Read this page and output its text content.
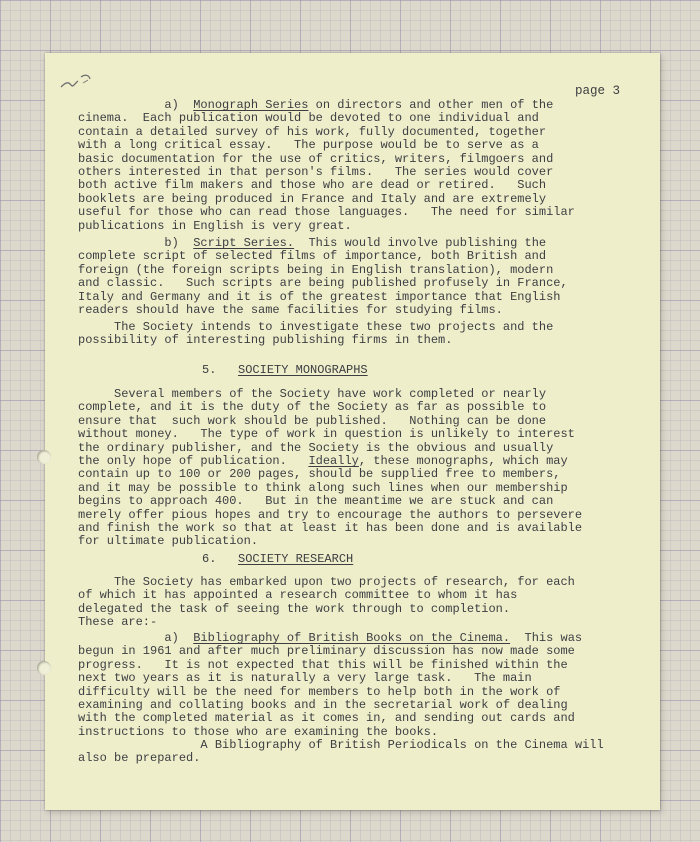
page 3

a) Monograph Series on directors and other men of the

cinema.  Each publication would be devoted to one individual and

contain a detailed survey of his work, fully documented, together

with a long critical essay.   The purpose would be to serve as a

basic documentation for the use of critics, writers, filmgoers and

others interested in that person's films.   The series would cover

both active film makers and those who are dead or retired.   Such

booklets are being produced in France and Italy and are extremely

useful for those who can read those languages.   The need for similar

publications in English is very great.

b) Script Series.  This would involve publishing the

complete script of selected films of importance, both British and

foreign (the foreign scripts being in English translation), modern

and classic.   Such scripts are being published profusely in France,

Italy and Germany and it is of the greatest importance that English

readers should have the same facilities for studying films.

The Society intends to investigate these two projects and the

possibility of interesting publishing firms in them.

5. SOCIETY MONOGRAPHS

Several members of the Society have work completed or nearly

complete, and it is the duty of the Society as far as possible to

ensure that  such work should be published.   Nothing can be done

without money.   The type of work in question is unlikely to interest

the ordinary publisher, and the Society is the obvious and usually

the only hope of publication.   Ideally, these monographs, which may

contain up to 100 or 200 pages, should be supplied free to members,

and it may be possible to think along such lines when our membership

begins to approach 400.   But in the meantime we are stuck and can

merely offer pious hopes and try to encourage the authors to persevere

and finish the work so that at least it has been done and is available

for ultimate publication.

6. SOCIETY RESEARCH

The Society has embarked upon two projects of research, for each

of which it has appointed a research committee to whom it has

delegated the task of seeing the work through to completion.

These are:-

a) Bibliography of British Books on the Cinema.  This was

begun in 1961 and after much preliminary discussion has now made some

progress.   It is not expected that this will be finished within the

next two years as it is naturally a very large task.   The main

difficulty will be the need for members to help both in the work of

examining and collating books and in the secretarial work of dealing

with the completed material as it comes in, and sending out cards and

instructions to those who are examining the books.

A Bibliography of British Periodicals on the Cinema will

also be prepared.
